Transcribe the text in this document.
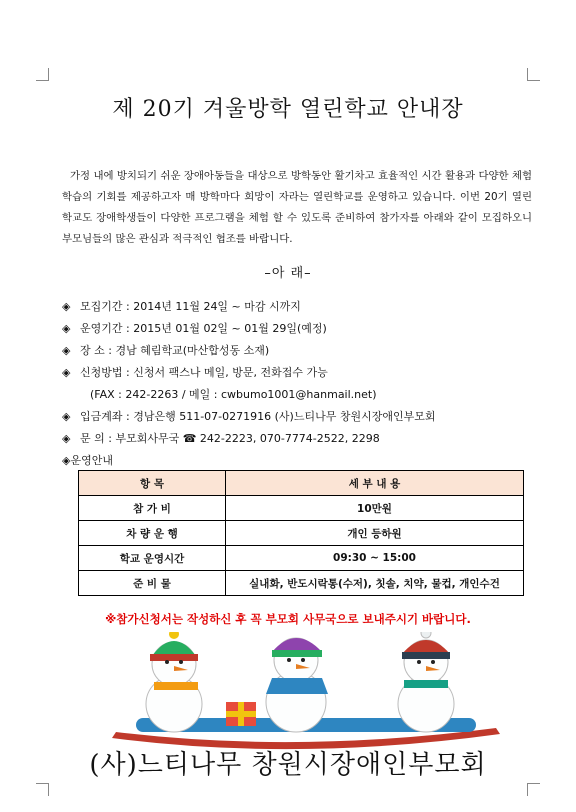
제 20기 겨울방학 열린학교 안내장
가정 내에 방치되기 쉬운 장애아동들을 대상으로 방학동안 활기차고 효율적인 시간 활용과 다양한 체험학습의 기회를 제공하고자 매 방학마다 희망이 자라는 열린학교를 운영하고 있습니다. 이번 20기 열린 학교도 장애학생들이 다양한 프로그램을 체험 할 수 있도록 준비하여 참가자를 아래와 같이 모집하오니 부모님들의 많은 관심과 적극적인 협조를 바랍니다.
–아 래–
◈ 모집기간 : 2014년 11월 24일 ~ 마감 시까지
◈ 운영기간 : 2015년 01월 02일 ~ 01월 29일(예정)
◈ 장 소 : 경남 혜림학교(마산합성동 소재)
◈ 신청방법 : 신청서 팩스나 메일, 방문, 전화접수 가능
(FAX : 242-2263 / 메일 : cwbumo1001@hanmail.net)
◈ 입금계좌 : 경남은행 511-07-0271916 (사)느티나무 창원시장애인부모회
◈ 문 의 : 부모회사무국 ☎ 242-2223, 070-7774-2522, 2298
◈운영안내
항 목	세 부 내 용
참 가 비	10만원
차 량 운 행	개인 등하원
학교 운영시간	09:30 ~ 15:00
준 비 물	실내화, 반도시락통(수저), 칫솔, 치약, 물컵, 개인수건
※참가신청서는 작성하신 후 꼭 부모회 사무국으로 보내주시기 바랍니다.
(사)느티나무 창원시장애인부모회
